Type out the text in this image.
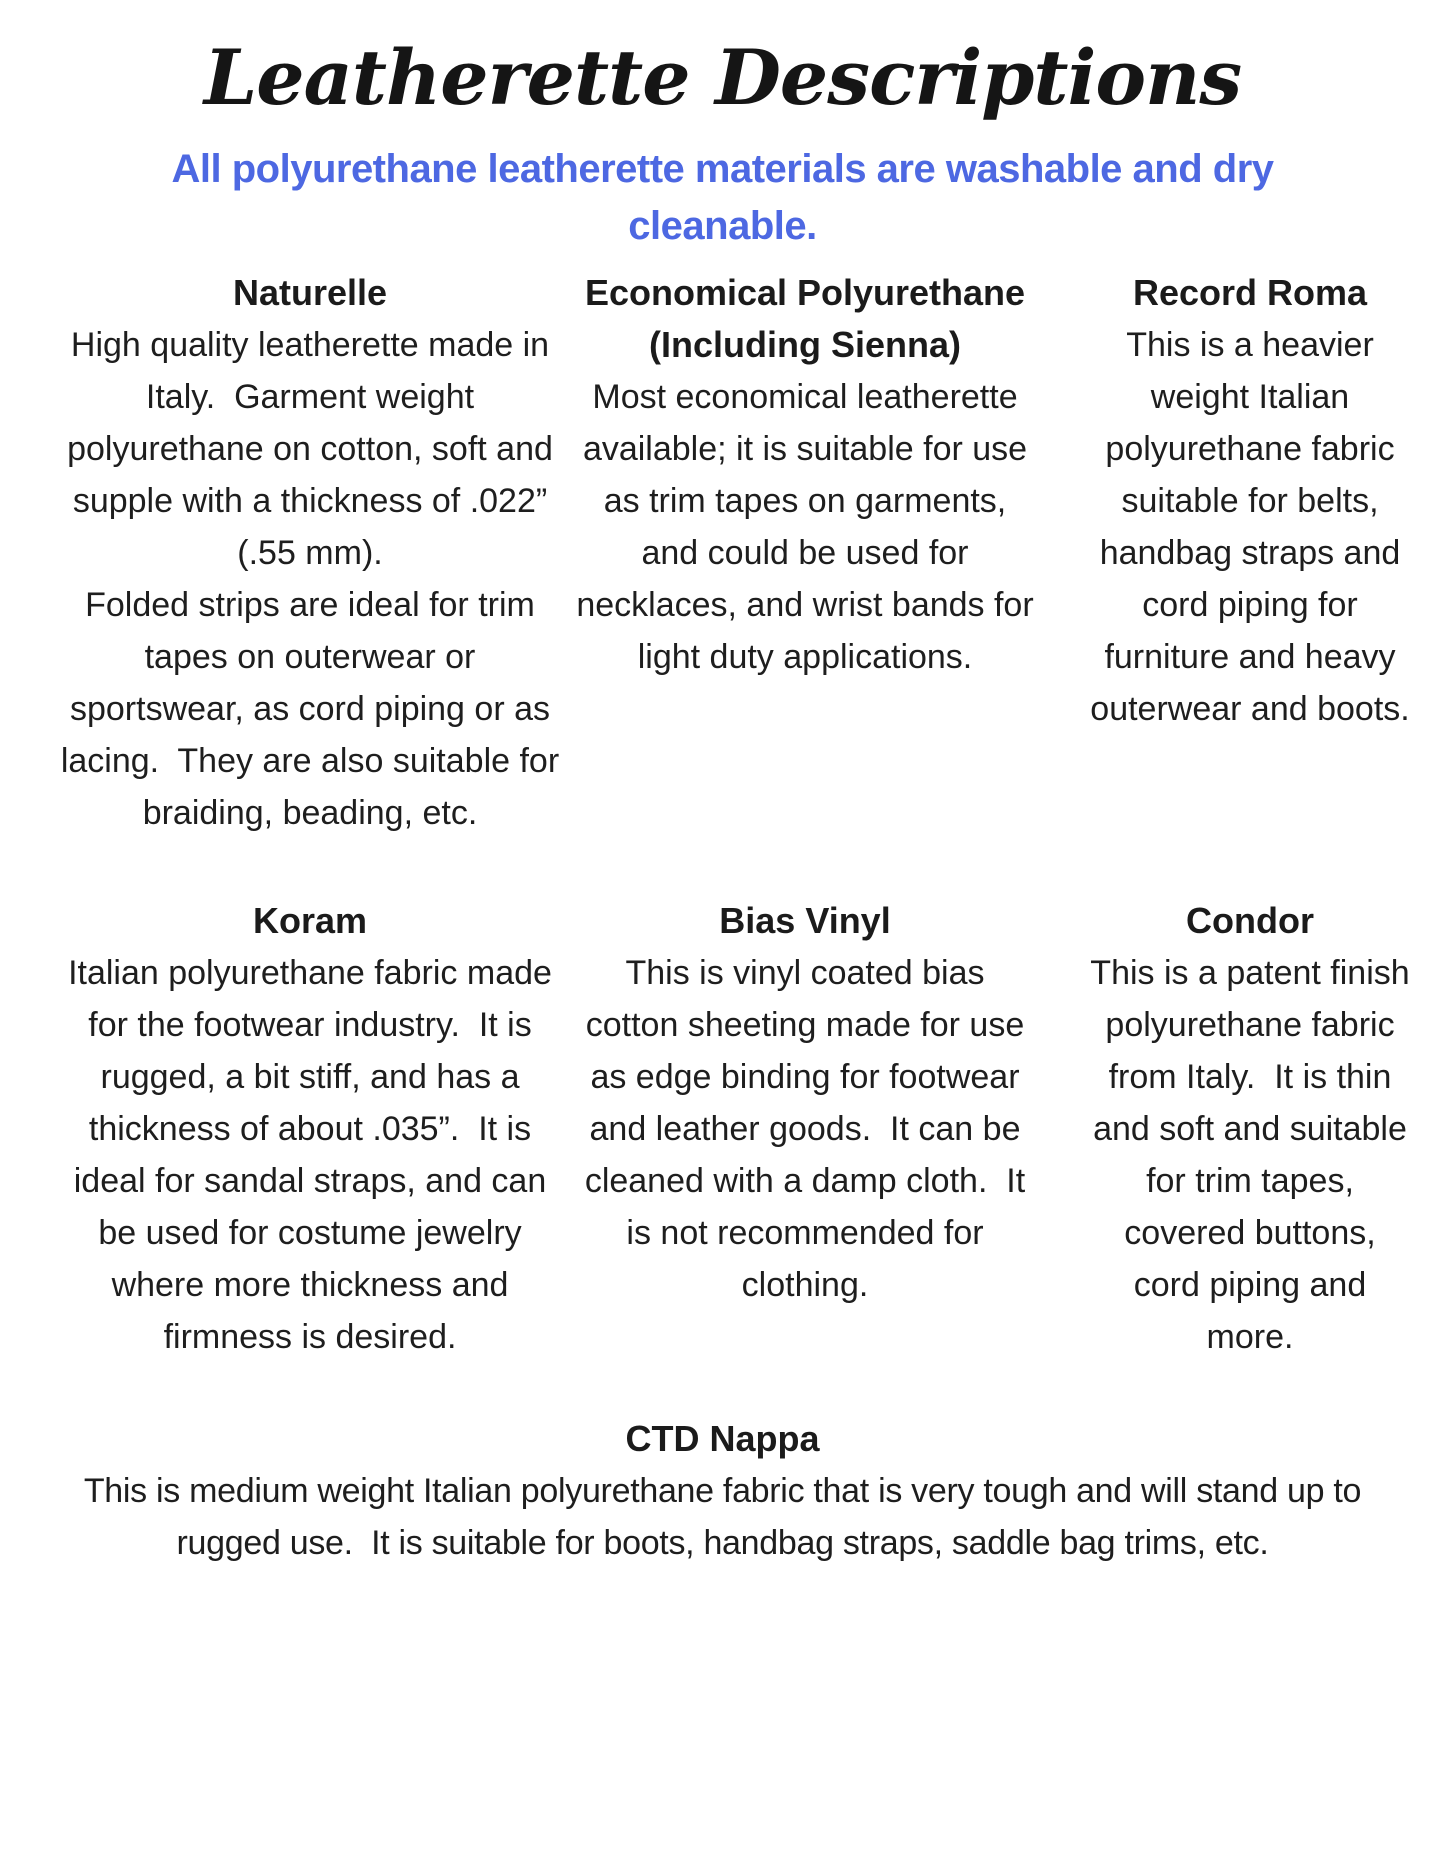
Leatherette Descriptions
All polyurethane leatherette materials are washable and dry
cleanable.
Naturelle

High quality leatherette made in Italy.  Garment weight polyurethane on cotton, soft and supple with a thickness of .022” (.55 mm).

Folded strips are ideal for trim tapes on outerwear or sportswear, as cord piping or as lacing.  They are also suitable for braiding, beading, etc.

Economical Polyurethane (Including Sienna)

Most economical leatherette available; it is suitable for use as trim tapes on garments, and could be used for necklaces, and wrist bands for light duty applications.

Record Roma

This is a heavier weight Italian polyurethane fabric suitable for belts, handbag straps and cord piping for furniture and heavy outerwear and boots.

Koram

Italian polyurethane fabric made for the footwear industry.  It is rugged, a bit stiff, and has a thickness of about .035”.  It is ideal for sandal straps, and can be used for costume jewelry where more thickness and firmness is desired.

Bias Vinyl

This is vinyl coated bias cotton sheeting made for use as edge binding for footwear and leather goods.  It can be cleaned with a damp cloth.  It is not recommended for clothing.

Condor

This is a patent finish polyurethane fabric from Italy.  It is thin and soft and suitable for trim tapes, covered buttons, cord piping and more.

CTD Nappa

This is medium weight Italian polyurethane fabric that is very tough and will stand up to rugged use.  It is suitable for boots, handbag straps, saddle bag trims, etc.
